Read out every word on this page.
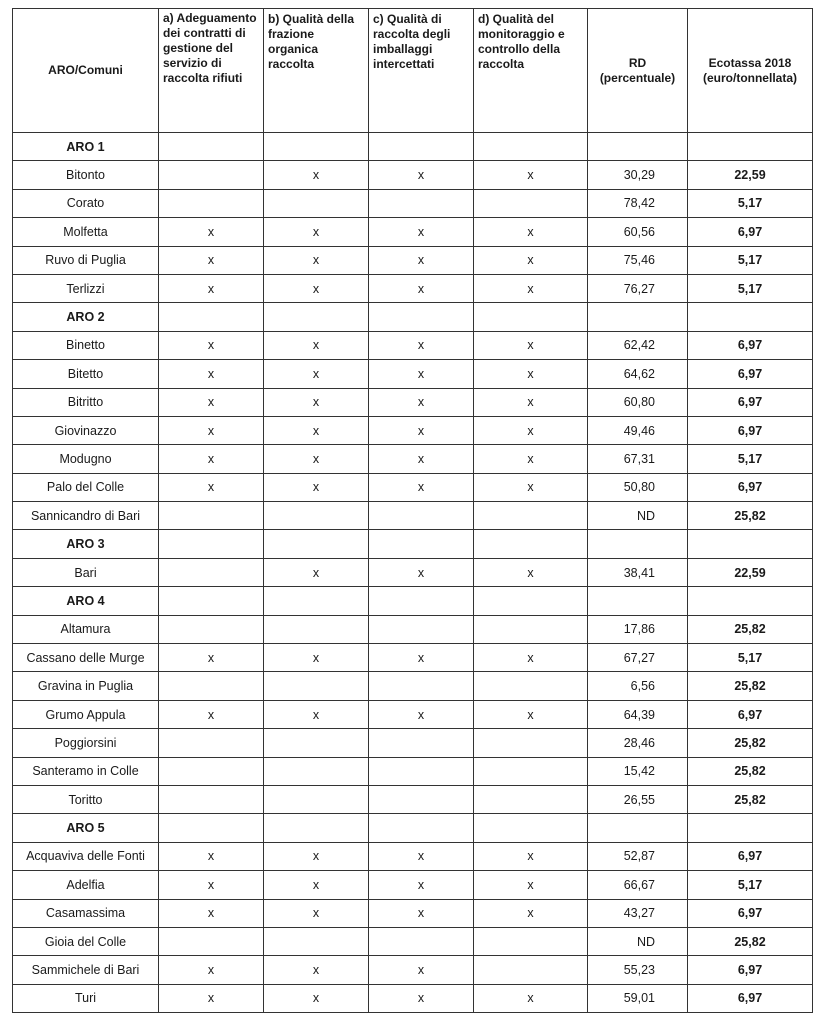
ARO/Comuni	a) Adeguamento dei contratti di gestione del servizio di raccolta rifiuti	b) Qualità della frazione organica raccolta	c) Qualità di raccolta degli imballaggi intercettati	d) Qualità del monitoraggio e controllo della raccolta	RD (percentuale)	Ecotassa 2018 (euro/tonnellata)
ARO 1						
Bitonto		x	x	x	30,29	22,59
Corato					78,42	5,17
Molfetta	x	x	x	x	60,56	6,97
Ruvo di Puglia	x	x	x	x	75,46	5,17
Terlizzi	x	x	x	x	76,27	5,17
ARO 2						
Binetto	x	x	x	x	62,42	6,97
Bitetto	x	x	x	x	64,62	6,97
Bitritto	x	x	x	x	60,80	6,97
Giovinazzo	x	x	x	x	49,46	6,97
Modugno	x	x	x	x	67,31	5,17
Palo del Colle	x	x	x	x	50,80	6,97
Sannicandro di Bari					ND	25,82
ARO 3						
Bari		x	x	x	38,41	22,59
ARO 4						
Altamura					17,86	25,82
Cassano delle Murge	x	x	x	x	67,27	5,17
Gravina in Puglia					6,56	25,82
Grumo Appula	x	x	x	x	64,39	6,97
Poggiorsini					28,46	25,82
Santeramo in Colle					15,42	25,82
Toritto					26,55	25,82
ARO 5						
Acquaviva delle Fonti	x	x	x	x	52,87	6,97
Adelfia	x	x	x	x	66,67	5,17
Casamassima	x	x	x	x	43,27	6,97
Gioia del Colle					ND	25,82
Sammichele di Bari	x	x	x		55,23	6,97
Turi	x	x	x	x	59,01	6,97
